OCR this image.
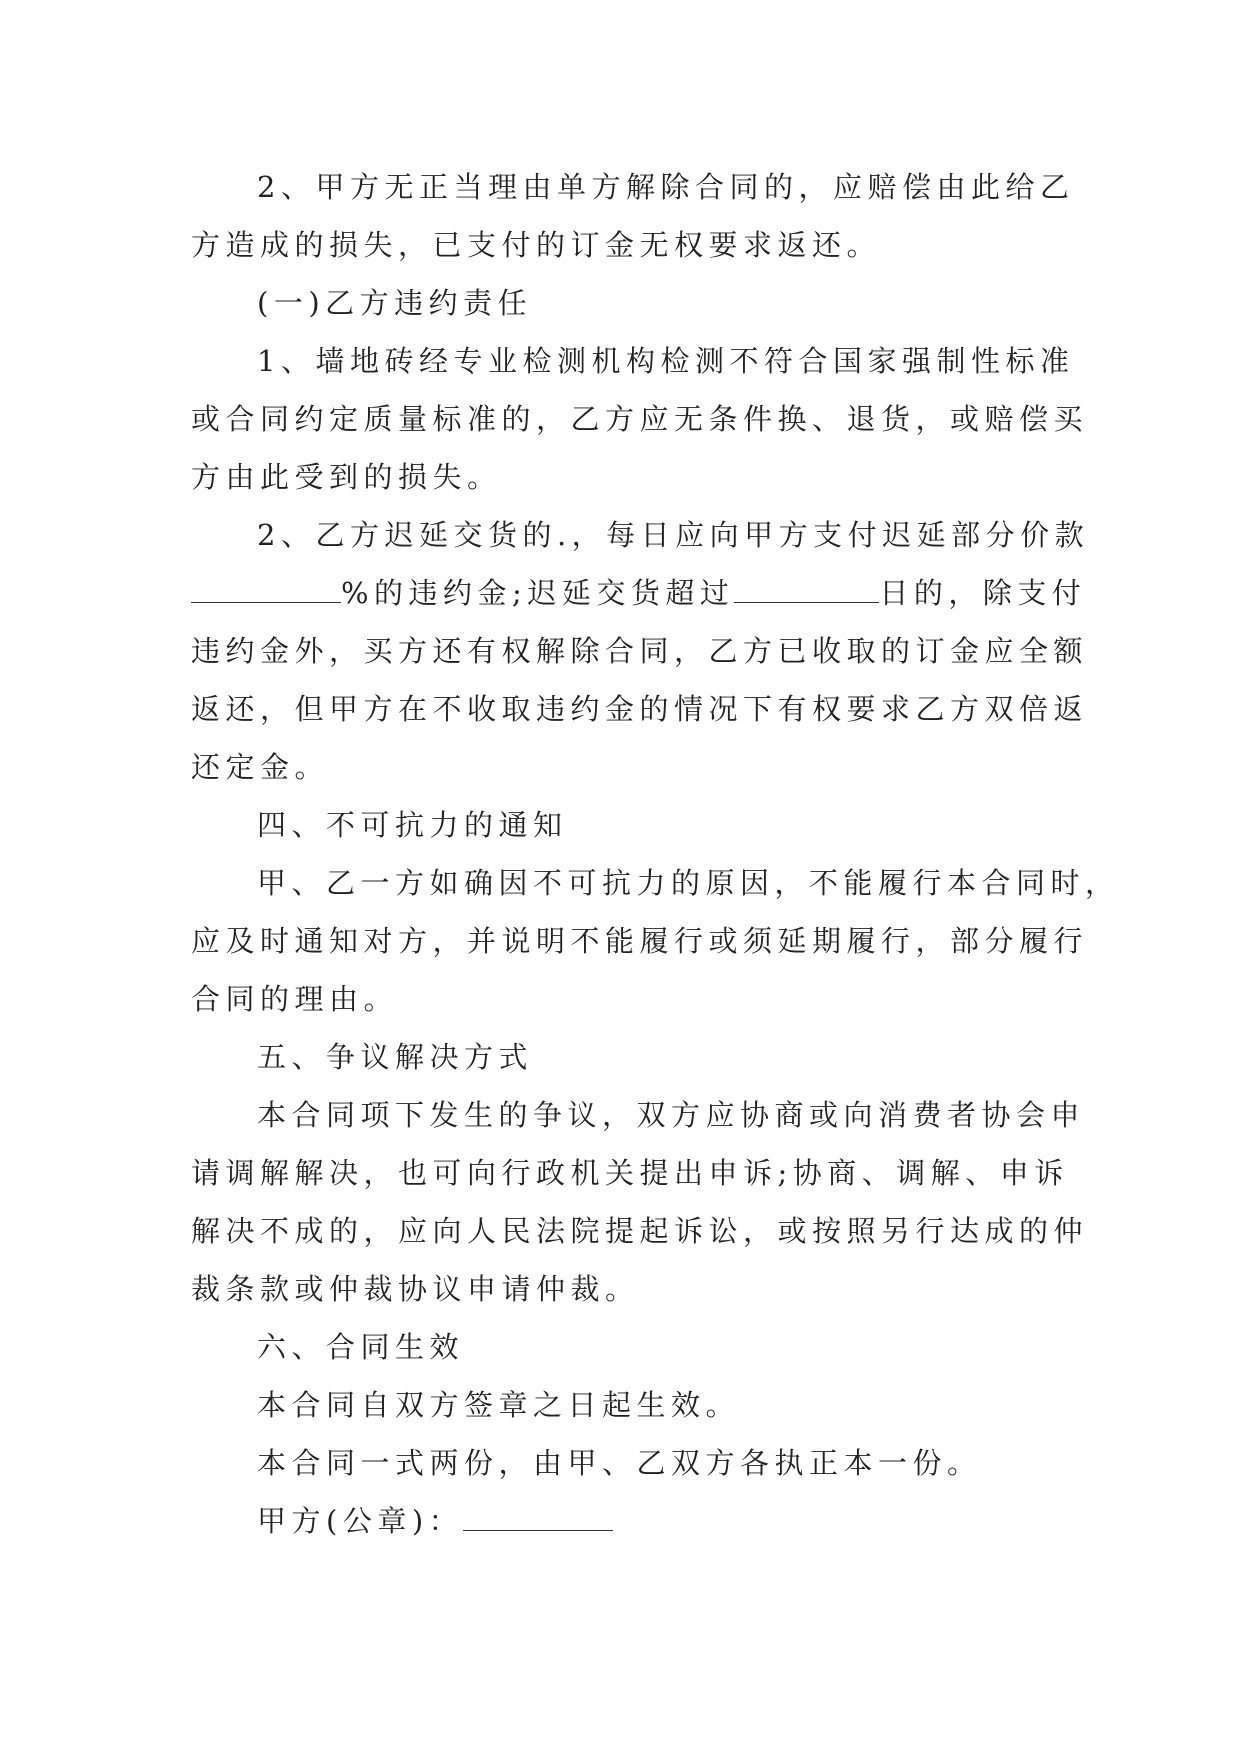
2、甲方无正当理由单方解除合同的，应赔偿由此给乙
方造成的损失，已支付的订金无权要求返还。

(一)乙方违约责任

1、墙地砖经专业检测机构检测不符合国家强制性标准
或合同约定质量标准的，乙方应无条件换、退货，或赔偿买
方由此受到的损失。

2、乙方迟延交货的.，每日应向甲方支付迟延部分价款
%的违约金;迟延交货超过	日的，除支付
违约金外，买方还有权解除合同，乙方已收取的订金应全额
返还，但甲方在不收取违约金的情况下有权要求乙方双倍返
还定金。

四、不可抗力的通知

甲、乙一方如确因不可抗力的原因，不能履行本合同时，
应及时通知对方，并说明不能履行或须延期履行，部分履行
合同的理由。

五、争议解决方式

本合同项下发生的争议，双方应协商或向消费者协会申
请调解解决，也可向行政机关提出申诉;协商、调解、申诉
解决不成的，应向人民法院提起诉讼，或按照另行达成的仲
裁条款或仲裁协议申请仲裁。

六、合同生效

本合同自双方签章之日起生效。

本合同一式两份，由甲、乙双方各执正本一份。

甲方(公章)：
